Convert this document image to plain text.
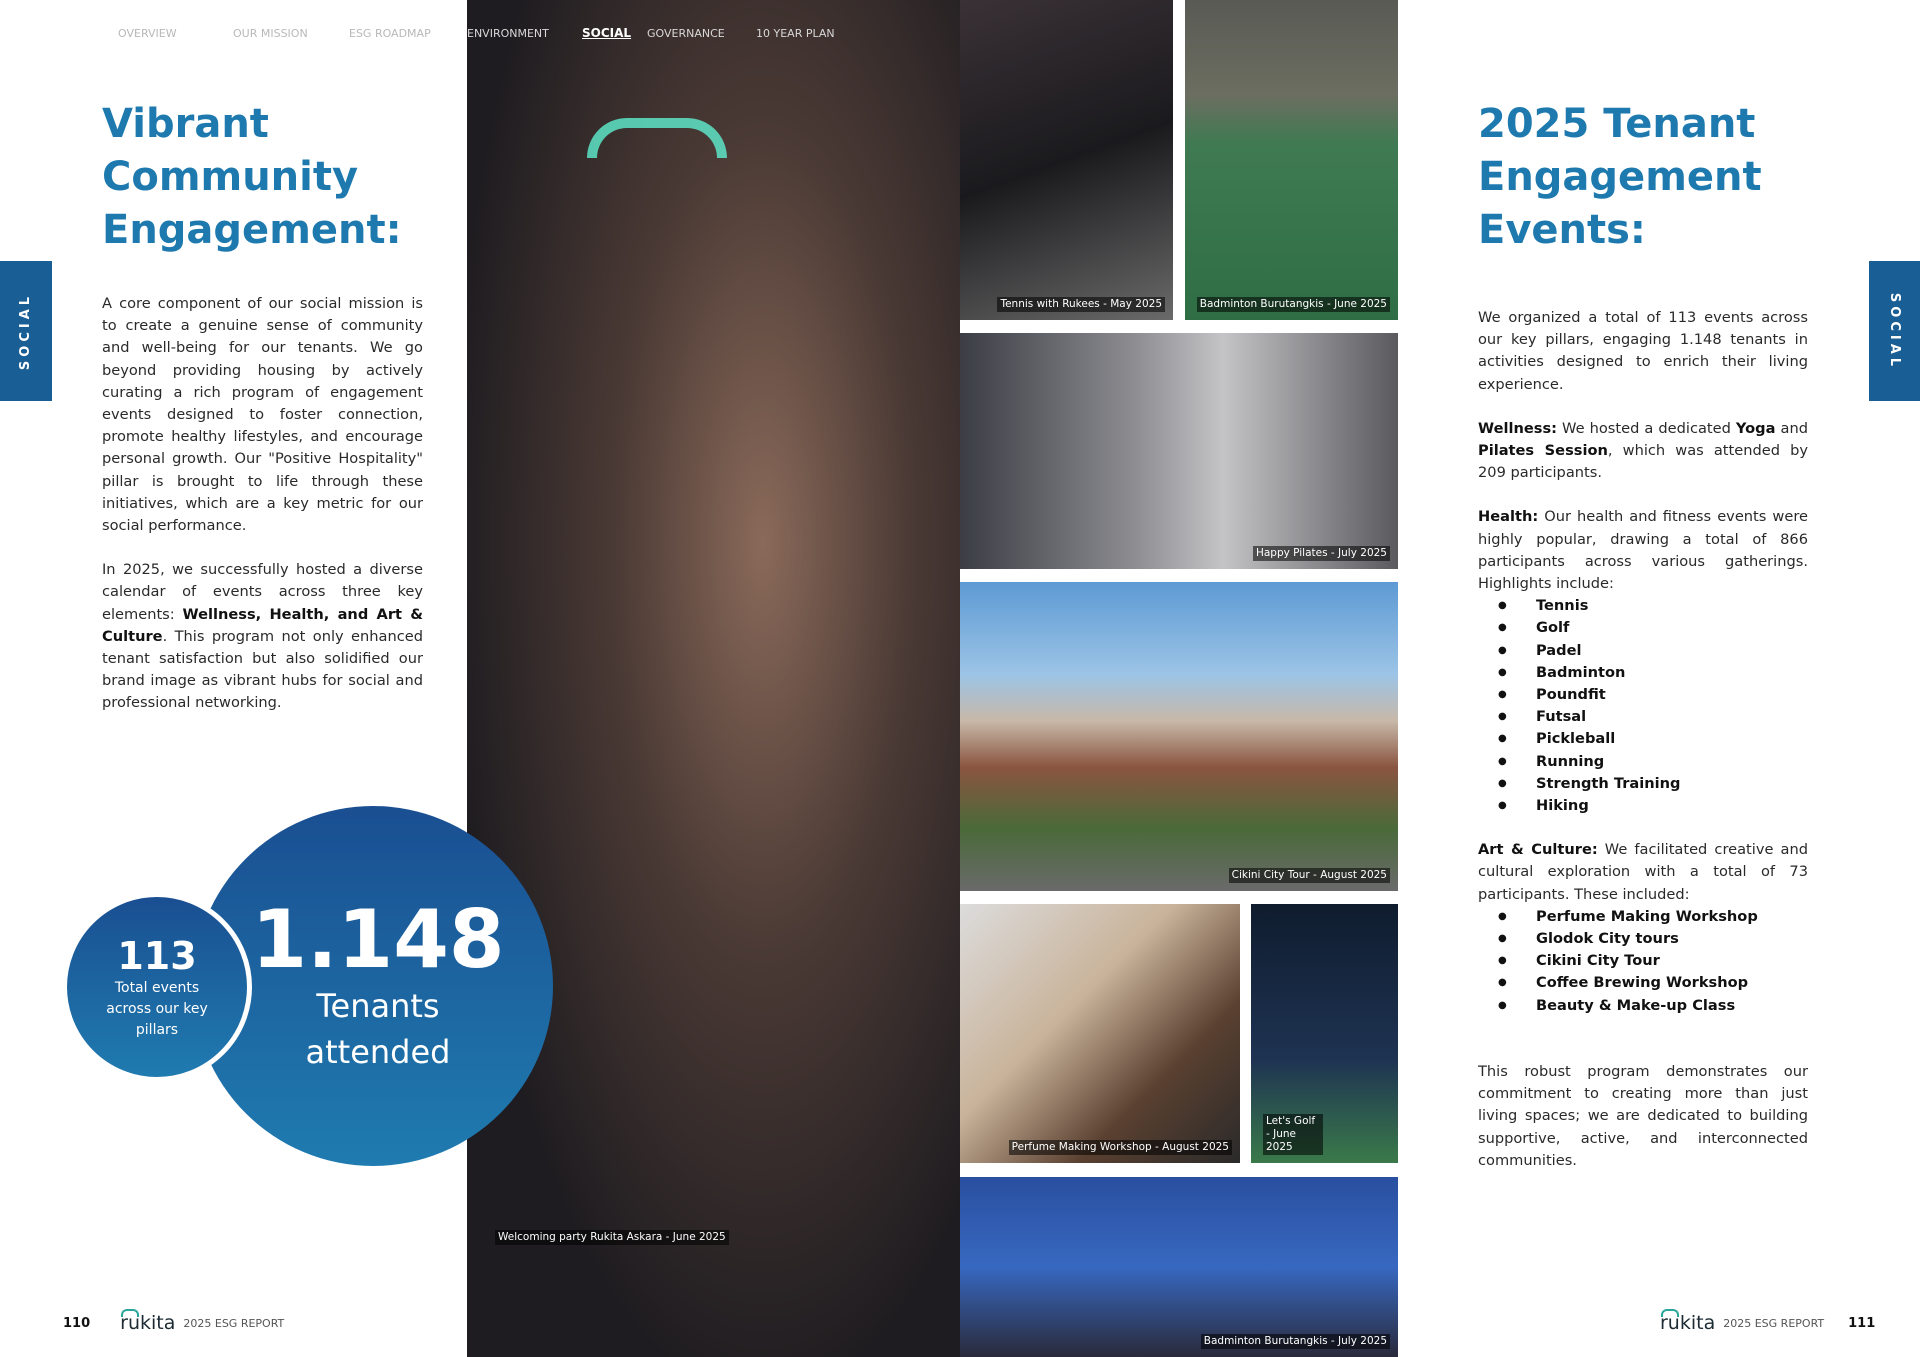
Welcoming party Rukita Askara - June 2025
Tennis with Rukees - May 2025	Badminton Burutangkis - June 2025
Happy Pilates - July 2025
Cikini City Tour - August 2025
Perfume Making Workshop - August 2025
Let's Golf - June 2025
Badminton Burutangkis - July 2025
OVERVIEW	OUR MISSION	ESG ROADMAP	ENVIRONMENT	SOCIAL GOVERNANCE	10 YEAR PLAN
SOCIAL
Vibrant
Community
Engagement:

A core component of our social mission is to create a genuine sense of community and well-being for our tenants. We go beyond providing housing by actively curating a rich program of engagement events designed to foster connection, promote healthy lifestyles, and encourage personal growth. Our "Positive Hospitality" pillar is brought to life through these initiatives, which are a key metric for our social performance.

In 2025, we successfully hosted a diverse calendar of events across three key elements: Wellness, Health, and Art & Culture. This program not only enhanced tenant satisfaction but also solidified our brand image as vibrant hubs for social and professional networking.

1.148
Tenants
attended
113
Total events across our key pillars
110 rukita 2025 ESG REPORT
SOCIAL
2025 Tenant
Engagement
Events:

We organized a total of 113 events across our key pillars, engaging 1.148 tenants in activities designed to enrich their living experience.

Wellness: We hosted a dedicated Yoga and Pilates Session, which was attended by 209 participants.

Health: Our health and fitness events were highly popular, drawing a total of 866 participants across various gatherings. Highlights include:
● Tennis
● Golf
● Padel
● Badminton
● Poundfit
● Futsal
● Pickleball
● Running
● Strength Training
● Hiking
Art & Culture: We facilitated creative and cultural exploration with a total of 73 participants. These included:
● Perfume Making Workshop
● Glodok City tours
● Cikini City Tour
● Coffee Brewing Workshop
● Beauty & Make-up Class

This robust program demonstrates our commitment to creating more than just living spaces; we are dedicated to building supportive, active, and interconnected communities.

rukita 2025 ESG REPORT 111
